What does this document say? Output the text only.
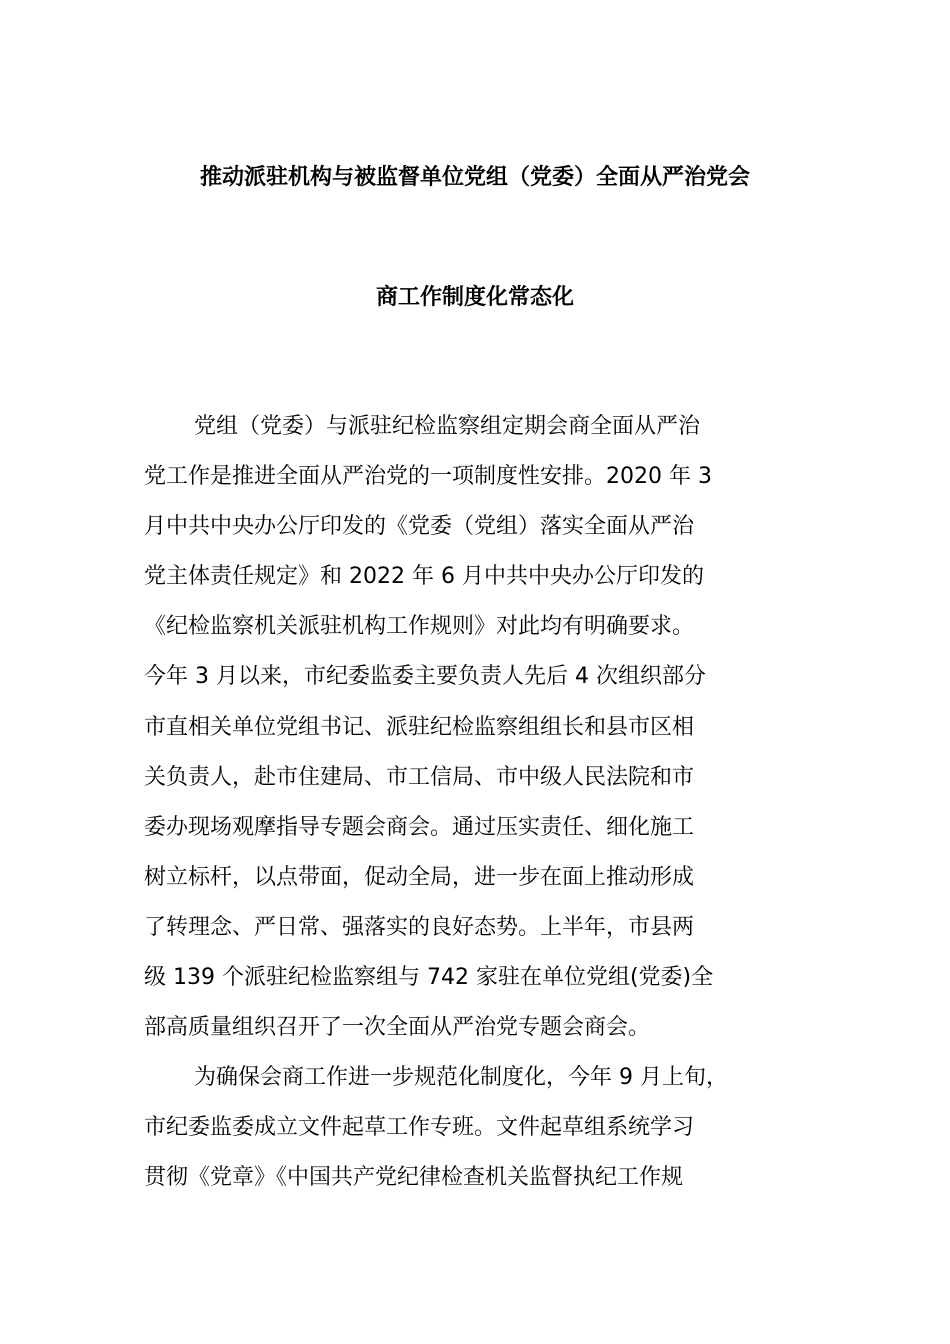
推动派驻机构与被监督单位党组（党委）全面从严治党会
商工作制度化常态化
党组（党委）与派驻纪检监察组定期会商全面从严治
党工作是推进全面从严治党的一项制度性安排。2020 年 3
月中共中央办公厅印发的《党委（党组）落实全面从严治
党主体责任规定》和 2022 年 6 月中共中央办公厅印发的
《纪检监察机关派驻机构工作规则》对此均有明确要求。
今年 3 月以来，市纪委监委主要负责人先后 4 次组织部分
市直相关单位党组书记、派驻纪检监察组组长和县市区相
关负责人，赴市住建局、市工信局、市中级人民法院和市
委办现场观摩指导专题会商会。通过压实责任、细化施工
树立标杆，以点带面，促动全局，进一步在面上推动形成
了转理念、严日常、强落实的良好态势。上半年，市县两
级 139 个派驻纪检监察组与 742 家驻在单位党组(党委)全
部高质量组织召开了一次全面从严治党专题会商会。
为确保会商工作进一步规范化制度化，今年 9 月上旬，
市纪委监委成立文件起草工作专班。文件起草组系统学习
贯彻《党章》《中国共产党纪律检查机关监督执纪工作规
